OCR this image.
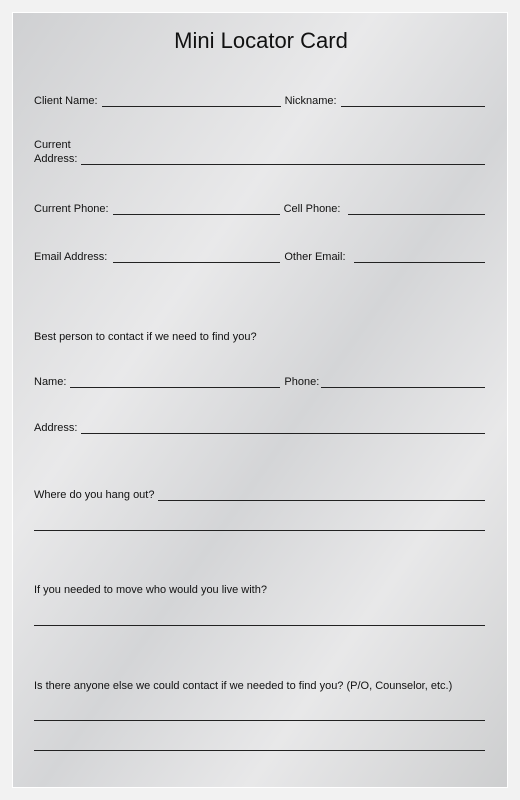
Mini Locator Card
Client Name:	Nickname:
Current
Address:
Current Phone:	Cell Phone:
Email Address:	Other Email:
Best person to contact if we need to find you?
Name:	Phone:
Address:
Where do you hang out?
If you needed to move who would you live with?
Is there anyone else we could contact if we needed to find you? (P/O, Counselor, etc.)
